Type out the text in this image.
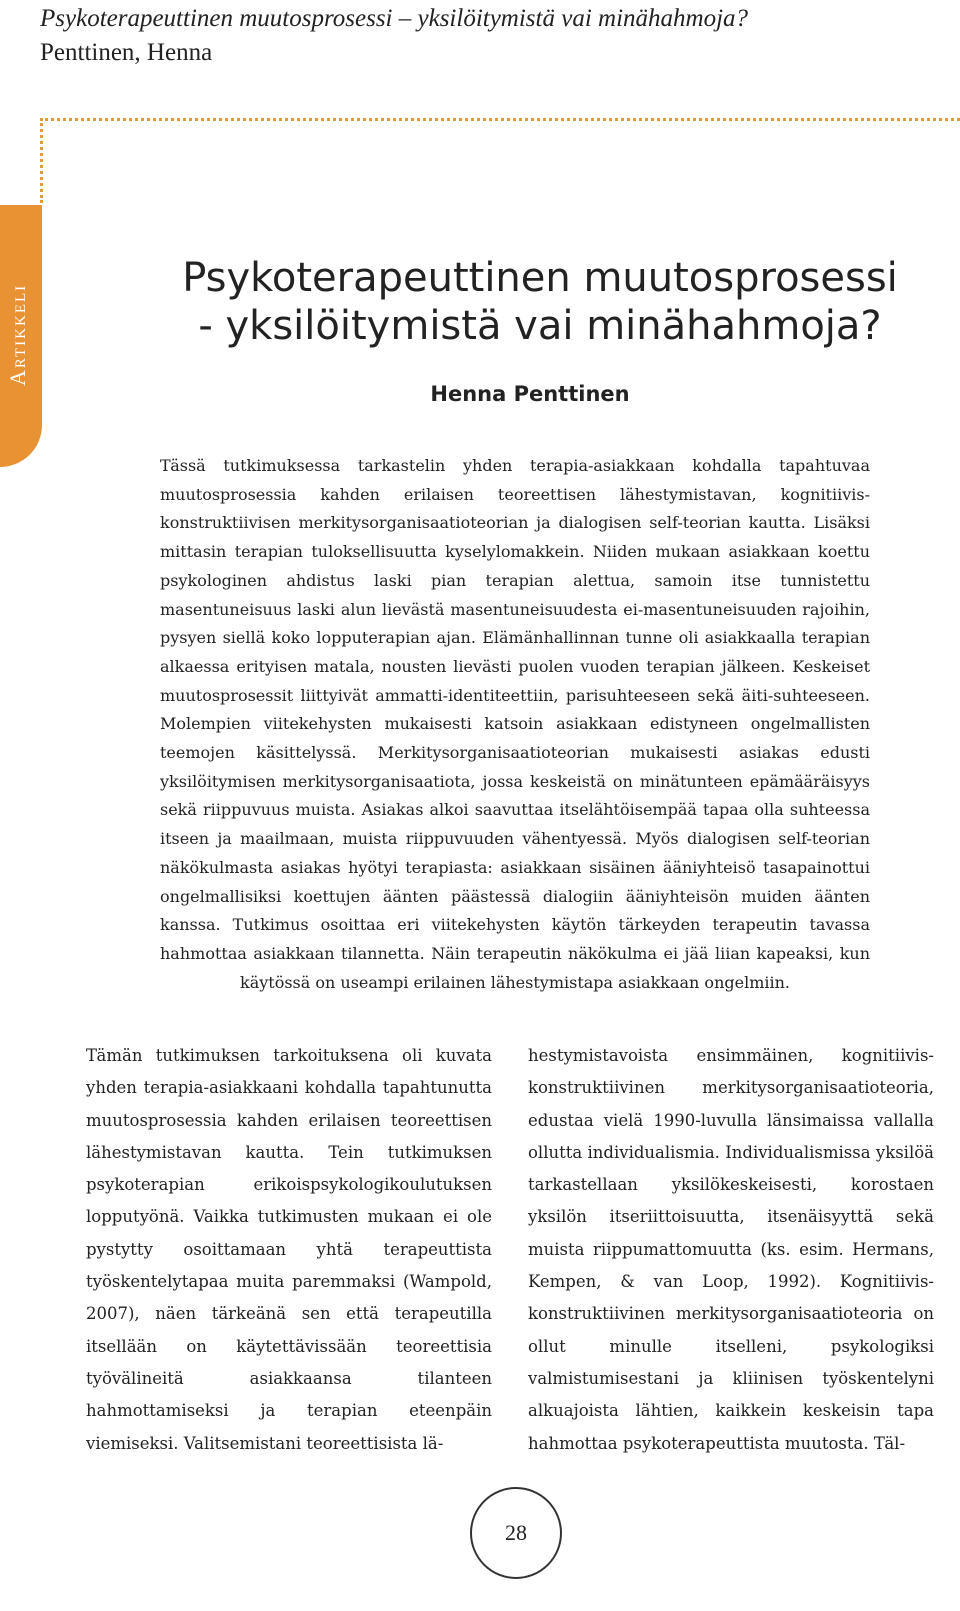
Psykoterapeuttinen muutosprosessi – yksilöitymistä vai minähahmoja?
Penttinen, Henna
Artikkeli
Psykoterapeuttinen muutosprosessi
- yksilöitymistä vai minähahmoja?
Henna Penttinen

Tässä tutkimuksessa tarkastelin yhden terapia-asiakkaan kohdalla tapahtuvaa muutosprosessia kahden erilaisen teoreettisen lähestymistavan, kognitiivis-konstruktiivisen merkitysorganisaatioteorian ja dialogisen self-teorian kautta. Lisäksi mittasin terapian tuloksellisuutta kyselylomakkein. Niiden mukaan asiakkaan koettu psykologinen ahdistus laski pian terapian alettua, samoin itse tunnistettu masentuneisuus laski alun lievästä masentuneisuudesta ei-masentuneisuuden rajoihin, pysyen siellä koko lopputerapian ajan. Elämänhallinnan tunne oli asiakkaalla terapian alkaessa erityisen matala, nousten lievästi puolen vuoden terapian jälkeen. Keskeiset muutosprosessit liittyivät ammatti-identiteettiin, parisuhteeseen sekä äiti-suhteeseen. Molempien viitekehysten mukaisesti katsoin asiakkaan edistyneen ongelmallisten teemojen käsittelyssä. Merkitysorganisaatioteorian mukaisesti asiakas edusti yksilöitymisen merkitysorganisaatiota, jossa keskeistä on minätunteen epämääräisyys sekä riippuvuus muista. Asiakas alkoi saavuttaa itselähtöisempää tapaa olla suhteessa itseen ja maailmaan, muista riippuvuuden vähentyessä. Myös dialogisen self-teorian näkökulmasta asiakas hyötyi terapiasta: asiakkaan sisäinen ääniyhteisö tasapainottui ongelmallisiksi koettujen äänten päästessä dialogiin ääniyhteisön muiden äänten kanssa. Tutkimus osoittaa eri viitekehysten käytön tärkeyden terapeutin tavassa hahmottaa asiakkaan tilannetta. Näin terapeutin näkökulma ei jää liian kapeaksi, kun käytössä on useampi erilainen lähestymistapa asiakkaan ongelmiin.

Tämän tutkimuksen tarkoituksena oli kuvata yhden terapia-asiakkaani kohdalla tapahtunutta muutosprosessia kahden erilaisen teoreettisen lähestymistavan kautta. Tein tutkimuksen psykoterapian erikoispsykologikoulutuksen lopputyönä. Vaikka tutkimusten mukaan ei ole pystytty osoittamaan yhtä terapeuttista työskentelytapaa muita paremmaksi (Wampold, 2007), näen tärkeänä sen että terapeutilla itsellään on käytettävissään teoreettisia työvälineitä asiakkaansa tilanteen hahmottamiseksi ja terapian eteenpäin viemiseksi. Valitsemistani teoreettisista lä-

hestymistavoista ensimmäinen, kognitiivis-konstruktiivinen merkitysorganisaatioteoria, edustaa vielä 1990-luvulla länsimaissa vallalla ollutta individualismia. Individualismissa yksilöä tarkastellaan yksilökeskeisesti, korostaen yksilön itseriittoisuutta, itsenäisyyttä sekä muista riippumattomuutta (ks. esim. Hermans, Kempen, & van Loop, 1992). Kognitiivis-konstruktiivinen merkitysorganisaatioteoria on ollut minulle itselleni, psykologiksi valmistumisestani ja kliinisen työskentelyni alkuajoista lähtien, kaikkein keskeisin tapa hahmottaa psykoterapeuttista muutosta. Täl-

28
